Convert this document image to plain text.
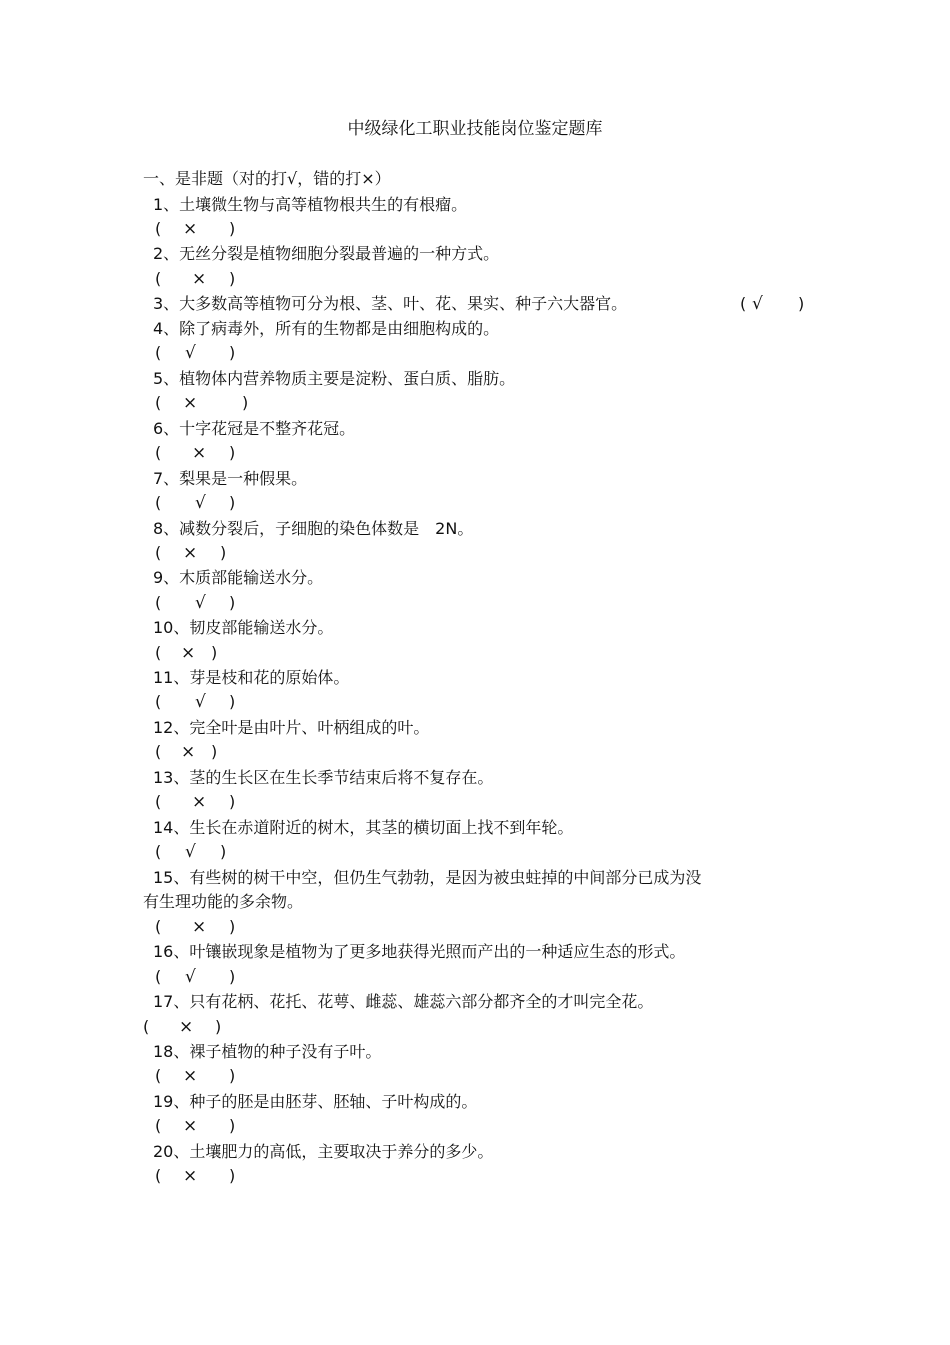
中级绿化工职业技能岗位鉴定题库
一、是非题（对的打√，错的打×）
1、土壤微生物与高等植物根共生的有根瘤。
( × )
2、无丝分裂是植物细胞分裂最普遍的一种方式。
( × )
3、大多数高等植物可分为根、茎、叶、花、果实、种子六大器官。	( √ )
4、除了病毒外，所有的生物都是由细胞构成的。
( √ )
5、植物体内营养物质主要是淀粉、蛋白质、脂肪。
( ×	)
6、十字花冠是不整齐花冠。
( × )
7、梨果是一种假果。
( √ )
8、减数分裂后，子细胞的染色体数是　2N。
( × )
9、木质部能输送水分。
( √ )
10、韧皮部能输送水分。
( × )
11、芽是枝和花的原始体。
( √ )
12、完全叶是由叶片、叶柄组成的叶。
( × )
13、茎的生长区在生长季节结束后将不复存在。
( × )
14、生长在赤道附近的树木，其茎的横切面上找不到年轮。
( √ )
15、有些树的树干中空，但仍生气勃勃，是因为被虫蛀掉的中间部分已成为没
有生理功能的多余物。
( × )
16、叶镶嵌现象是植物为了更多地获得光照而产出的一种适应生态的形式。
( √ )
17、只有花柄、花托、花萼、雌蕊、雄蕊六部分都齐全的才叫完全花。
( × )
18、裸子植物的种子没有子叶。
( × )
19、种子的胚是由胚芽、胚轴、子叶构成的。
( × )
20、土壤肥力的高低，主要取决于养分的多少。
( × )
